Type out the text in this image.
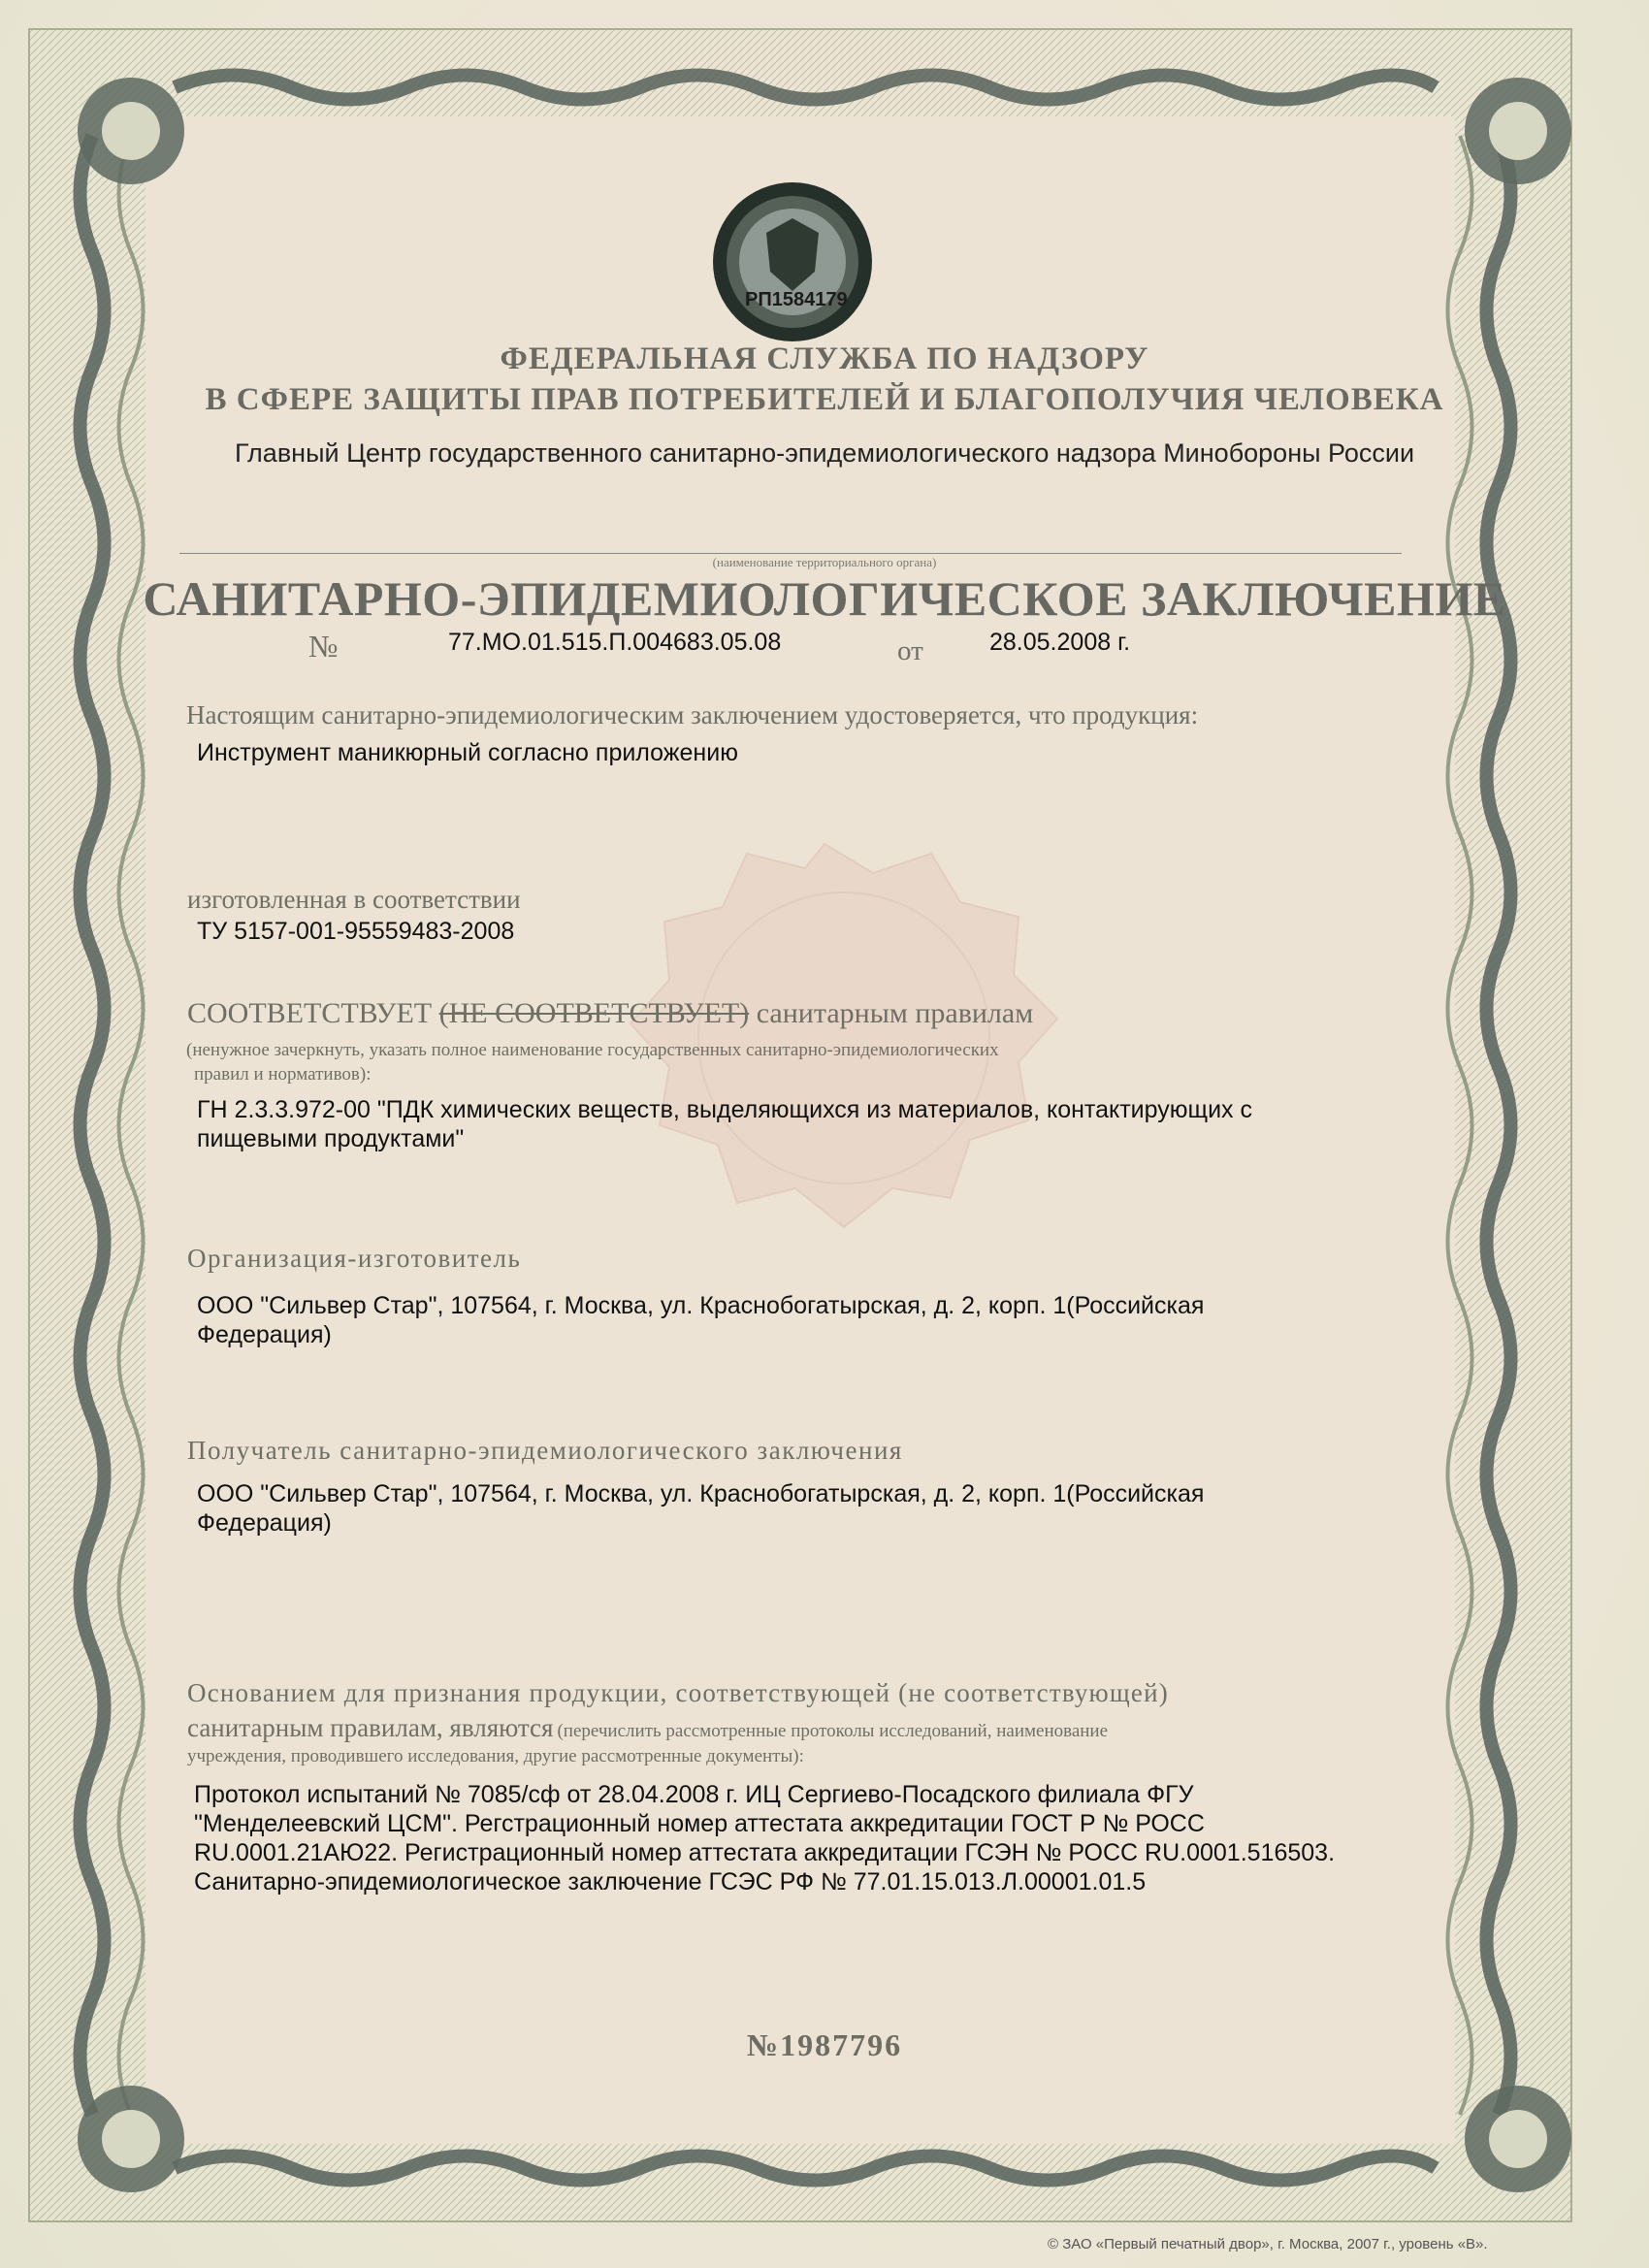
РП1584179
ФЕДЕРАЛЬНАЯ СЛУЖБА ПО НАДЗОРУ
В СФЕРЕ ЗАЩИТЫ ПРАВ ПОТРЕБИТЕЛЕЙ И БЛАГОПОЛУЧИЯ ЧЕЛОВЕКА
Главный Центр государственного санитарно-эпидемиологического надзора Минобороны России
(наименование территориального органа)
САНИТАРНО-ЭПИДЕМИОЛОГИЧЕСКОЕ ЗАКЛЮЧЕНИЕ
№	77.МО.01.515.П.004683.05.08	от	28.05.2008 г.
Настоящим санитарно-эпидемиологическим заключением удостоверяется, что продукция:
Инструмент маникюрный согласно приложению
изготовленная в соответствии
ТУ 5157-001-95559483-2008
СООТВЕТСТВУЕТ (НЕ СООТВЕТСТВУЕТ) санитарным правилам
(ненужное зачеркнуть, указать полное наименование государственных санитарно-эпидемиологических
правил и нормативов):
ГН 2.3.3.972-00 "ПДК химических веществ, выделяющихся из материалов, контактирующих с
пищевыми продуктами"
Организация-изготовитель
ООО "Сильвер Стар", 107564, г. Москва, ул. Краснобогатырская, д. 2, корп. 1(Российская
Федерация)
Получатель санитарно-эпидемиологического заключения
ООО "Сильвер Стар", 107564, г. Москва, ул. Краснобогатырская, д. 2, корп. 1(Российская
Федерация)
Основанием для признания продукции, соответствующей (не соответствующей)
санитарным правилам, являются (перечислить рассмотренные протоколы исследований, наименование
учреждения, проводившего исследования, другие рассмотренные документы):
Протокол испытаний № 7085/сф от 28.04.2008 г. ИЦ Сергиево-Посадского филиала ФГУ
"Менделеевский ЦСМ". Регстрационный номер аттестата аккредитации ГОСТ Р № РОСС
RU.0001.21АЮ22. Регистрационный номер аттестата аккредитации ГСЭН № РОСС RU.0001.516503.
Санитарно-эпидемиологическое заключение ГСЭС РФ № 77.01.15.013.Л.00001.01.5
№1987796
© ЗАО «Первый печатный двор», г. Москва, 2007 г., уровень «В».
